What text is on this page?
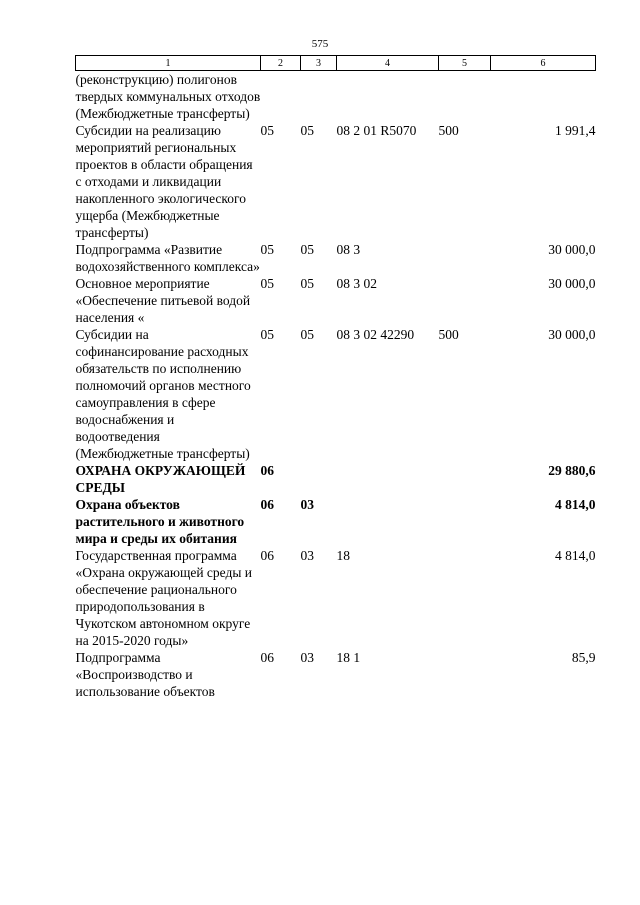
575
1	2	3	4	5	6
(реконструкцию) полигонов твердых коммунальных отходов (Межбюджетные трансферты)					
Субсидии на реализацию мероприятий региональных проектов в области обращения с отходами и ликвидации накопленного экологического ущерба (Межбюджетные трансферты)	05	05	08 2 01 R5070	500	1 991,4
Подпрограмма «Развитие водохозяйственного комплекса»	05	05	08 3		30 000,0
Основное мероприятие «Обеспечение питьевой водой населения «	05	05	08 3 02		30 000,0
Субсидии на софинансирование расходных обязательств по исполнению полномочий органов местного самоуправления в сфере водоснабжения и водоотведения (Межбюджетные трансферты)	05	05	08 3 02 42290	500	30 000,0
ОХРАНА ОКРУЖАЮЩЕЙ СРЕДЫ	06				29 880,6
Охрана объектов растительного и животного мира и среды их обитания	06	03			4 814,0
Государственная программа «Охрана окружающей среды и обеспечение рационального природопользования в Чукотском автономном округе на 2015-2020 годы»	06	03	18		4 814,0
Подпрограмма «Воспроизводство и использование объектов	06	03	18 1		85,9
